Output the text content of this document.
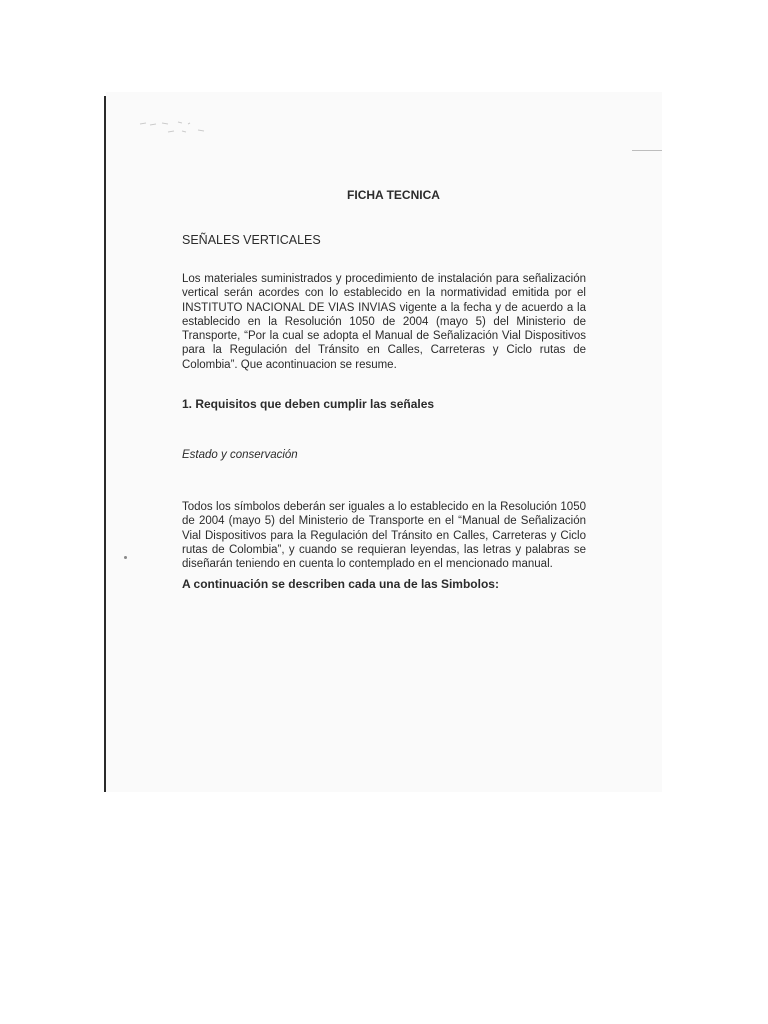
FICHA TECNICA
SEÑALES VERTICALES

Los materiales suministrados y procedimiento de instalación para señalización vertical serán acordes con lo establecido en la normatividad emitida por el INSTITUTO NACIONAL DE VIAS INVIAS vigente a la fecha y de acuerdo a la establecido en la Resolución 1050 de 2004 (mayo 5) del Ministerio de Transporte, “Por la cual se adopta el Manual de Señalización Vial Dispositivos para la Regulación del Tránsito en Calles, Carreteras y Ciclo rutas de Colombia”. Que acontinuacion se resume.

1. Requisitos que deben cumplir las señales

Estado y conservación

Todos los símbolos deberán ser iguales a lo establecido en la Resolución 1050 de 2004 (mayo 5) del Ministerio de Transporte en el “Manual de Señalización Vial Dispositivos para la Regulación del Tránsito en Calles, Carreteras y Ciclo rutas de Colombia”, y cuando se requieran leyendas, las letras y palabras se diseñarán teniendo en cuenta lo contemplado en el mencionado manual.

A continuación se describen cada una de las Simbolos:
